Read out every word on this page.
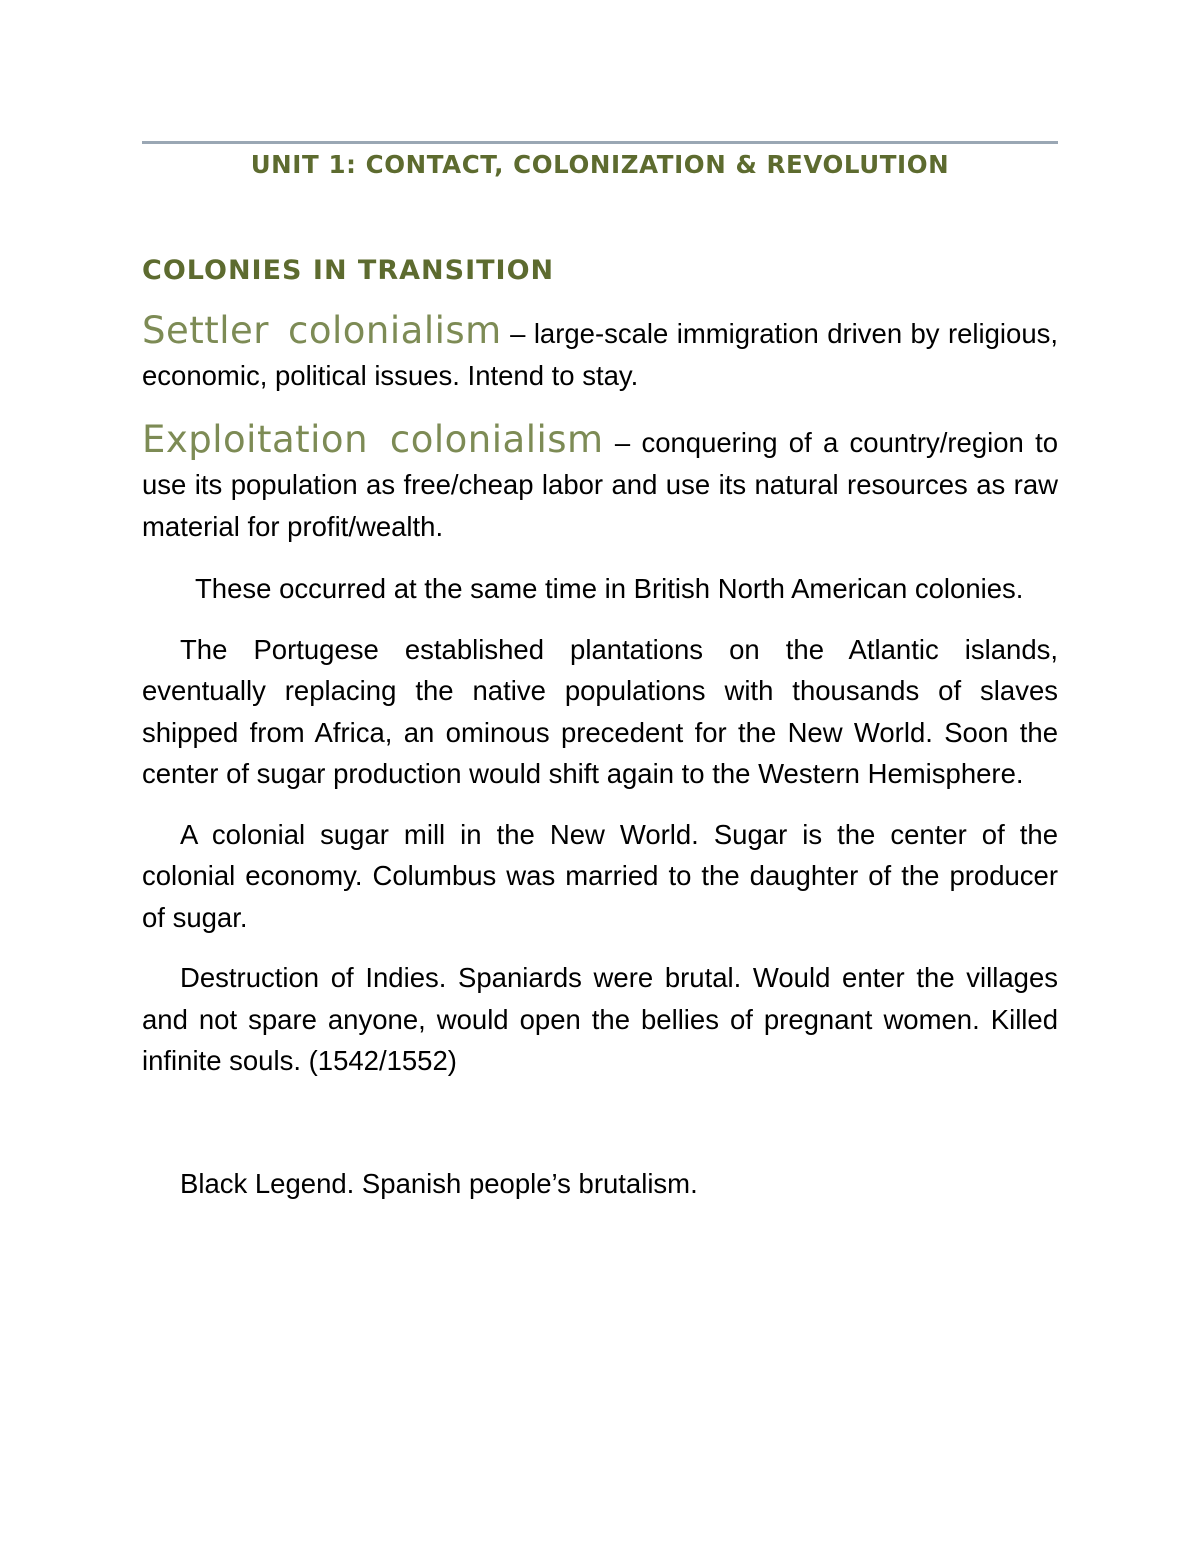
UNIT 1: CONTACT, COLONIZATION & REVOLUTION
COLONIES IN TRANSITION

Settler colonialism – large-scale immigration driven by religious, economic, political issues. Intend to stay.

Exploitation colonialism – conquering of a country/region to use its population as free/cheap labor and use its natural resources as raw material for profit/wealth.

These occurred at the same time in British North American colonies.

The Portugese established plantations on the Atlantic islands, eventually replacing the native populations with thousands of slaves shipped from Africa, an ominous precedent for the New World. Soon the center of sugar production would shift again to the Western Hemisphere.

A colonial sugar mill in the New World. Sugar is the center of the colonial economy. Columbus was married to the daughter of the producer of sugar.

Destruction of Indies. Spaniards were brutal. Would enter the villages and not spare anyone, would open the bellies of pregnant women. Killed infinite souls. (1542/1552)

Black Legend. Spanish people’s brutalism.
